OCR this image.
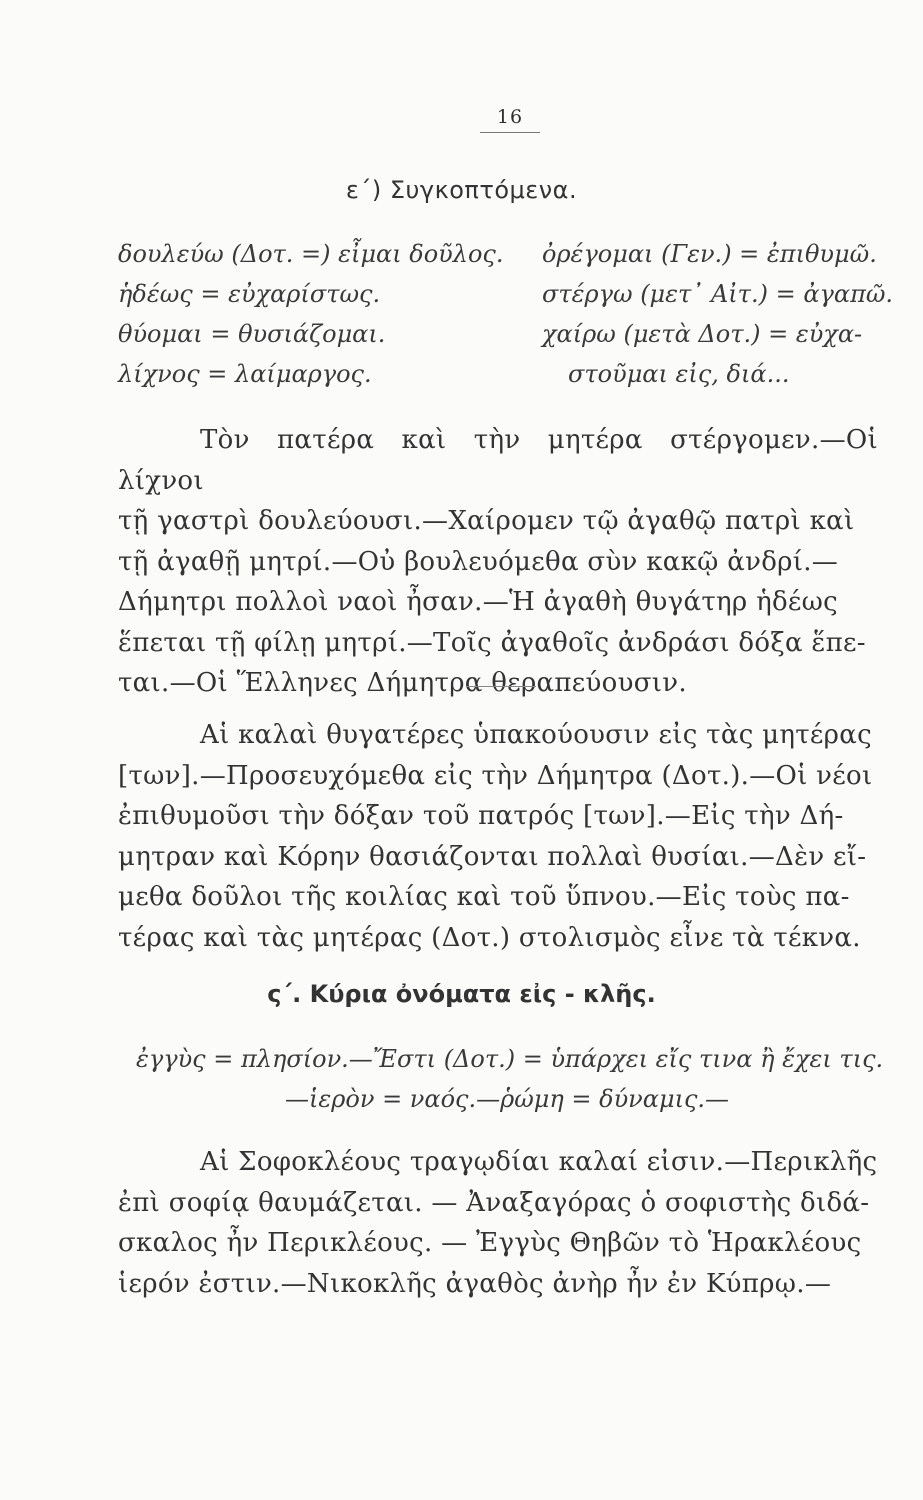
16
ε΄) Συγκοπτόμενα.
δουλεύω (Δοτ. =) εἶμαι δοῦλος.
ἡδέως = εὐχαρίστως.
θύομαι = θυσιάζομαι.
λίχνος = λαίμαργος.
ὀρέγομαι (Γεν.) = ἐπιθυμῶ.
στέργω (μετ᾽ Αἰτ.) = ἀγαπῶ.
χαίρω (μετὰ Δοτ.) = εὐχα-
στοῦμαι εἰς, διά...
Τὸν πατέρα καὶ τὴν μητέρα στέργομεν.—Οἱ λίχνοι
τῇ γαστρὶ δουλεύουσι.—Χαίρομεν τῷ ἀγαθῷ πατρὶ καὶ
τῇ ἀγαθῇ μητρί.—Οὐ βουλευόμεθα σὺν κακῷ ἀνδρί.—
Δήμητρι πολλοὶ ναοὶ ἦσαν.—Ἡ ἀγαθὴ θυγάτηρ ἡδέως
ἕπεται τῇ φίλῃ μητρί.—Τοῖς ἀγαθοῖς ἀνδράσι δόξα ἕπε-
ται.—Οἱ Ἕλληνες Δήμητρα θεραπεύουσιν.
Αἱ καλαὶ θυγατέρες ὑπακούουσιν εἰς τὰς μητέρας
[των].—Προσευχόμεθα εἰς τὴν Δήμητρα (Δοτ.).—Οἱ νέοι
ἐπιθυμοῦσι τὴν δόξαν τοῦ πατρός [των].—Εἰς τὴν Δή-
μητραν καὶ Κόρην θασιάζονται πολλαὶ θυσίαι.—Δὲν εἴ-
μεθα δοῦλοι τῆς κοιλίας καὶ τοῦ ὕπνου.—Εἰς τοὺς πα-
τέρας καὶ τὰς μητέρας (Δοτ.) στολισμὸς εἶνε τὰ τέκνα.
ς΄. Κύρια ὀνόματα εἰς - κλῆς.
ἐγγὺς = πλησίον.—Ἔστι (Δοτ.) = ὑπάρχει εἴς τινα ἢ ἔχει τις.
—ἱερὸν = ναός.—ῥώμη = δύναμις.—
Αἱ Σοφοκλέους τραγῳδίαι καλαί εἰσιν.—Περικλῆς
ἐπὶ σοφίᾳ θαυμάζεται. — Ἀναξαγόρας ὁ σοφιστὴς διδά-
σκαλος ἦν Περικλέους. — Ἐγγὺς Θηβῶν τὸ Ἡρακλέους
ἱερόν ἐστιν.—Νικοκλῆς ἀγαθὸς ἀνὴρ ἦν ἐν Κύπρῳ.—
